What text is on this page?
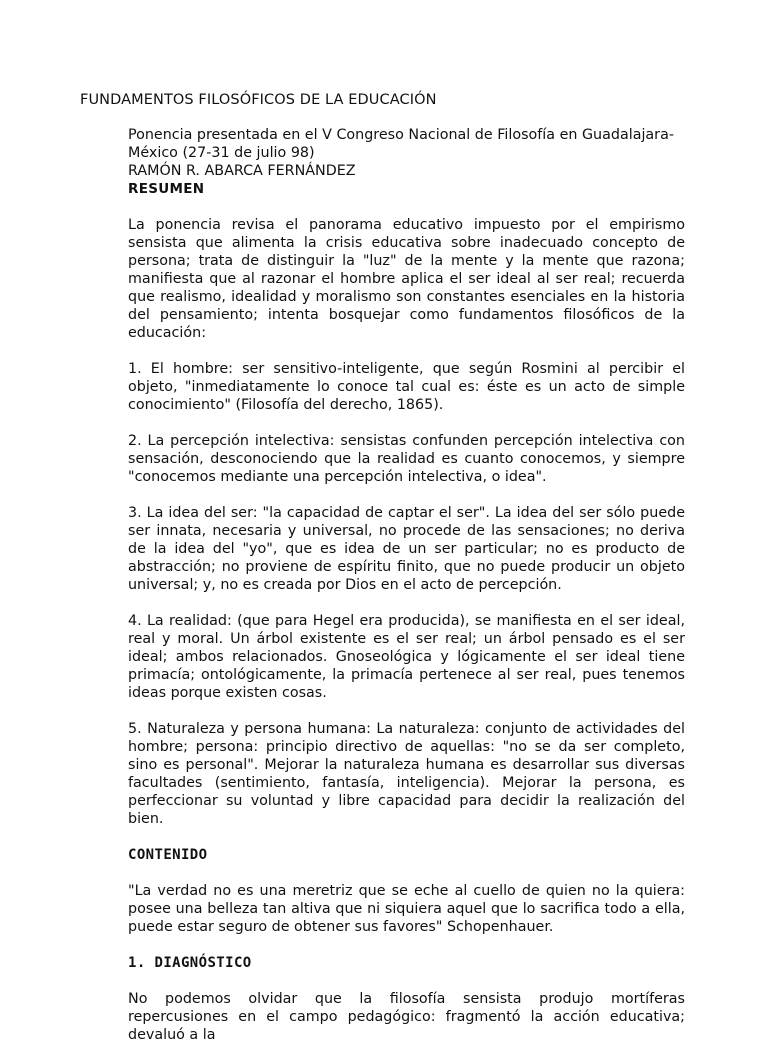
FUNDAMENTOS FILOSÓFICOS DE LA EDUCACIÓN

Ponencia presentada en el V Congreso Nacional de Filosofía en Guadalajara-México (27-31 de julio 98)

RAMÓN R. ABARCA FERNÁNDEZ

RESUMEN

La ponencia revisa el panorama educativo impuesto por el empirismo sensista que alimenta la crisis educativa sobre inadecuado concepto de persona; trata de distinguir la "luz" de la mente y la mente que razona; manifiesta que al razonar el hombre aplica el ser ideal al ser real; recuerda que realismo, idealidad y moralismo son constantes esenciales en la historia del pensamiento; intenta bosquejar como fundamentos filosóficos de la educación:

1. El hombre: ser sensitivo-inteligente, que según Rosmini al percibir el objeto, "inmediatamente lo conoce tal cual es: éste es un acto de simple conocimiento" (Filosofía del derecho, 1865).

2. La percepción intelectiva: sensistas confunden percepción intelectiva con sensación, desconociendo que la realidad es cuanto conocemos, y siempre "conocemos mediante una percepción intelectiva, o idea".

3. La idea del ser: "la capacidad de captar el ser". La idea del ser sólo puede ser innata, necesaria y universal, no procede de las sensaciones; no deriva de la idea del "yo", que es idea de un ser particular; no es producto de abstracción; no proviene de espíritu finito, que no puede producir un objeto universal; y, no es creada por Dios en el acto de percepción.

4. La realidad: (que para Hegel era producida), se manifiesta en el ser ideal, real y moral. Un árbol existente es el ser real; un árbol pensado es el ser ideal; ambos relacionados. Gnoseológica y lógicamente el ser ideal tiene primacía; ontológicamente, la primacía pertenece al ser real, pues tenemos ideas porque existen cosas.

5. Naturaleza y persona humana: La naturaleza: conjunto de actividades del hombre; persona: principio directivo de aquellas: "no se da ser completo, sino es personal". Mejorar la naturaleza humana es desarrollar sus diversas facultades (sentimiento, fantasía, inteligencia). Mejorar la persona, es perfeccionar su voluntad y libre capacidad para decidir la realización del bien.

CONTENIDO

"La verdad no es una meretriz que se eche al cuello de quien no la quiera: posee una belleza tan altiva que ni siquiera aquel que lo sacrifica todo a ella, puede estar seguro de obtener sus favores" Schopenhauer.

1. DIAGNÓSTICO

No podemos olvidar que la filosofía sensista produjo mortíferas repercusiones en el campo pedagógico: fragmentó la acción educativa; devaluó a la
